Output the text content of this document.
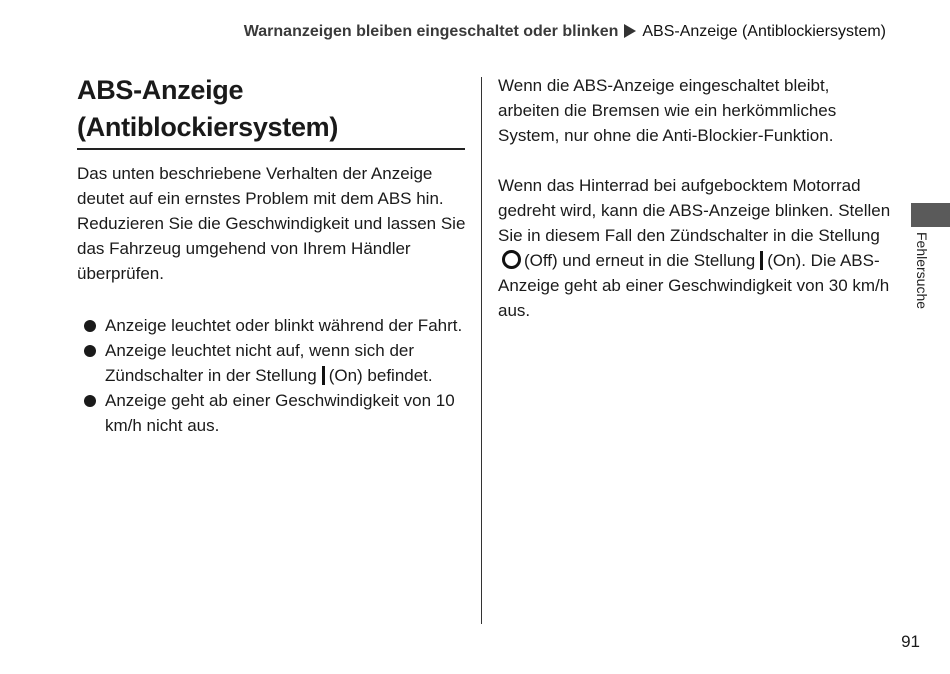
Warnanzeigen bleiben eingeschaltet oder blinken ABS-Anzeige (Antiblockiersystem)
ABS-Anzeige
(Antiblockiersystem)

Das unten beschriebene Verhalten der Anzeige deutet auf ein ernstes Problem mit dem ABS hin. Reduzieren Sie die Geschwindigkeit und lassen Sie das Fahrzeug umgehend von Ihrem Händler überprüfen.

Anzeige leuchtet oder blinkt während der Fahrt.
Anzeige leuchtet nicht auf, wenn sich der Zündschalter in der Stellung (On) befindet.
Anzeige geht ab einer Geschwindigkeit von 10 km/h nicht aus.

Wenn die ABS-Anzeige eingeschaltet bleibt, arbeiten die Bremsen wie ein herkömmliches System, nur ohne die Anti-Blockier-Funktion.

Wenn das Hinterrad bei aufgebocktem Motorrad gedreht wird, kann die ABS-Anzeige blinken. Stellen Sie in diesem Fall den Zündschalter in die Stellung(Off) und erneut in die Stellung (On). Die ABS-Anzeige geht ab einer Geschwindigkeit von 30 km/h aus.

Fehlersuche
91
